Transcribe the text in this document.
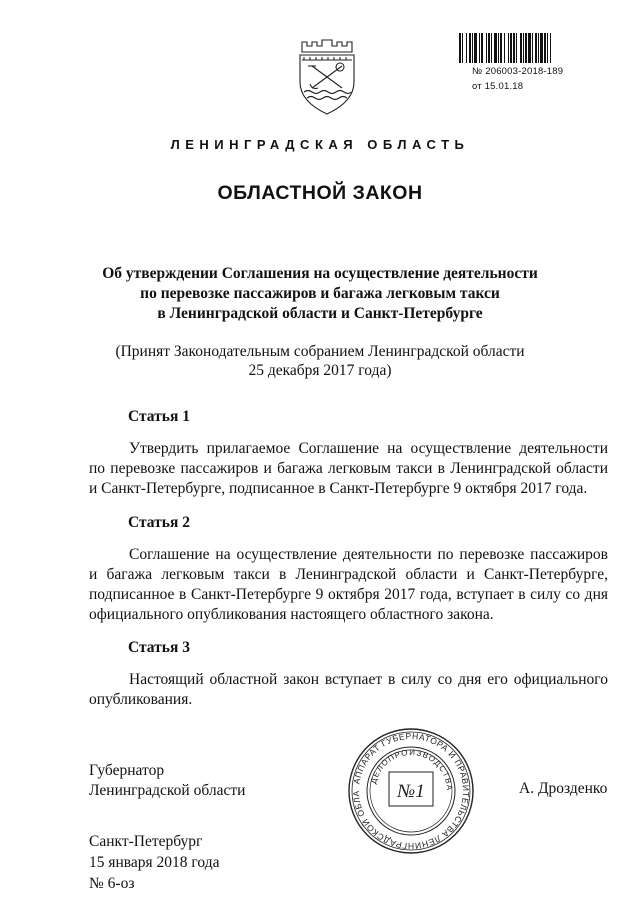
№ 206003-2018-189
от 15.01.18
ЛЕНИНГРАДСКАЯ ОБЛАСТЬ
ОБЛАСТНОЙ ЗАКОН
Об утверждении Соглашения на осуществление деятельности
по перевозке пассажиров и багажа легковым такси
в Ленинградской области и Санкт-Петербурге
(Принят Законодательным собранием Ленинградской области
25 декабря 2017 года)
Статья 1
Утвердить прилагаемое Соглашение на осуществление деятельности
по перевозке пассажиров и багажа легковым такси в Ленинградской области
и Санкт-Петербурге, подписанное в Санкт-Петербурге 9 октября 2017 года.
Статья 2
Соглашение на осуществление деятельности по перевозке пассажиров
и багажа легковым такси в Ленинградской области и Санкт-Петербурге,
подписанное в Санкт-Петербурге 9 октября 2017 года, вступает в силу со дня
официального опубликования настоящего областного закона.
Статья 3
Настоящий областной закон вступает в силу со дня его официального
опубликования.
Губернатор
Ленинградской области	А. Дрозденко
АППАРАТ ГУБЕРНАТОРА И ПРАВИТЕЛЬСТВА ЛЕНИНГРАДСКОЙ ОБЛА
ДЕЛОПРОИЗВОДСТВА
№1
Санкт-Петербург
15 января 2018 года
№ 6-оз
